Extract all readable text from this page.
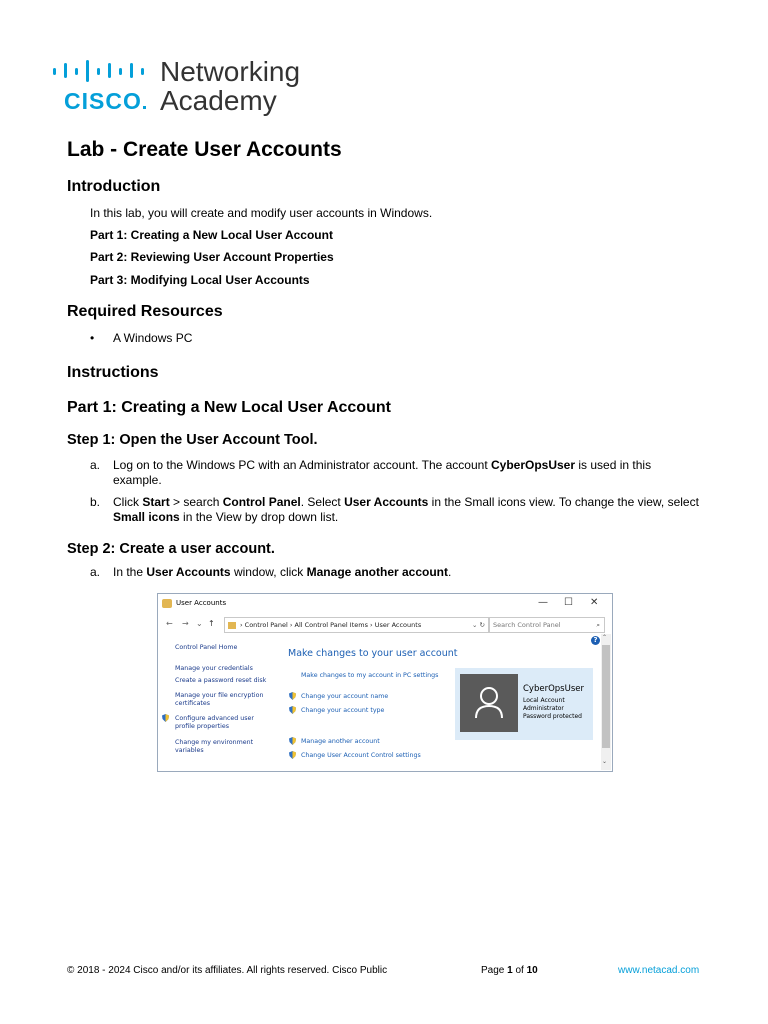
CISCO
Networking
Academy
Lab - Create User Accounts
Introduction
In this lab, you will create and modify user accounts in Windows.
Part 1: Creating a New Local User Account
Part 2: Reviewing User Account Properties
Part 3: Modifying Local User Accounts
Required Resources
• A Windows PC
Instructions
Part 1: Creating a New Local User Account
Step 1: Open the User Account Tool.
a. Log on to the Windows PC with an Administrator account. The account CyberOpsUser is used in this example.
b. Click Start > search Control Panel. Select User Accounts in the Small icons view. To change the view, select Small icons in the View by drop down list.
Step 2: Create a user account.
a. In the User Accounts window, click Manage another account.
User Accounts	— ☐ ✕
← → ⌄ ↑	› Control Panel › All Control Panel Items › User Accounts	⌄ ↻	Search Control Panel	⌕
Control Panel Home
Manage your credentials
Create a password reset disk
Manage your file encryption
certificates
Configure advanced user
profile properties
Change my environment
variables
Make changes to your user account
Make changes to my account in PC settings
Change your account name
Change your account type
Manage another account
Change User Account Control settings
CyberOpsUser
Local Account
Administrator
Password protected
? ⌃
⌄
© 2018 - 2024 Cisco and/or its affiliates. All rights reserved. Cisco Public	Page 1 of 10	www.netacad.com
